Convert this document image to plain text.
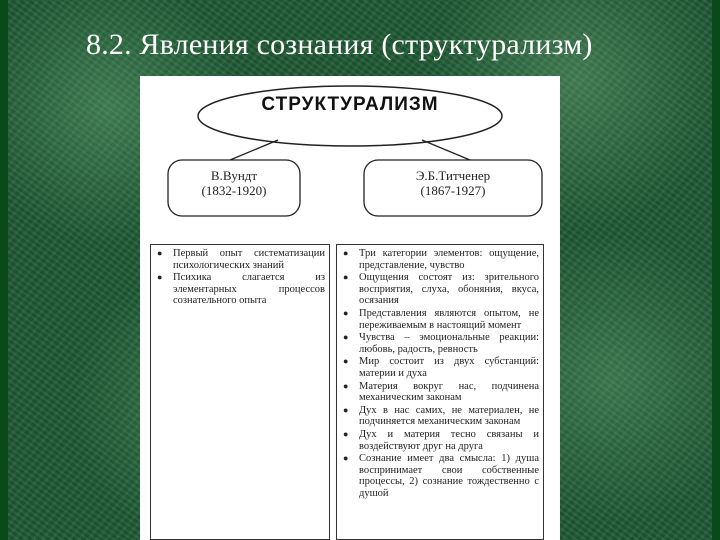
8.2. Явления сознания (структурализм)
СТРУКТУРАЛИЗМ
В.Вундт
(1832-1920)
Э.Б.Титченер
(1867-1927)
● Первый опыт систематизации психологических знаний
● Психика слагается из элементарных процессов сознательного опыта
● Три категории элементов: ощущение, представление, чувство
● Ощущения состоят из: зрительного восприятия, слуха, обоняния, вкуса, осязания
● Представления являются опытом, не переживаемым в настоящий момент
● Чувства – эмоциональные реакции: любовь, радость, ревность
● Мир состоит из двух субстанций: материи и духа
● Материя вокруг нас, подчинена механическим законам
● Дух в нас самих, не материален, не подчиняется механическим законам
● Дух и материя тесно связаны и воздействуют друг на друга
● Сознание имеет два смысла: 1) душа воспринимает свои собственные процессы, 2) сознание тождественно с душой
